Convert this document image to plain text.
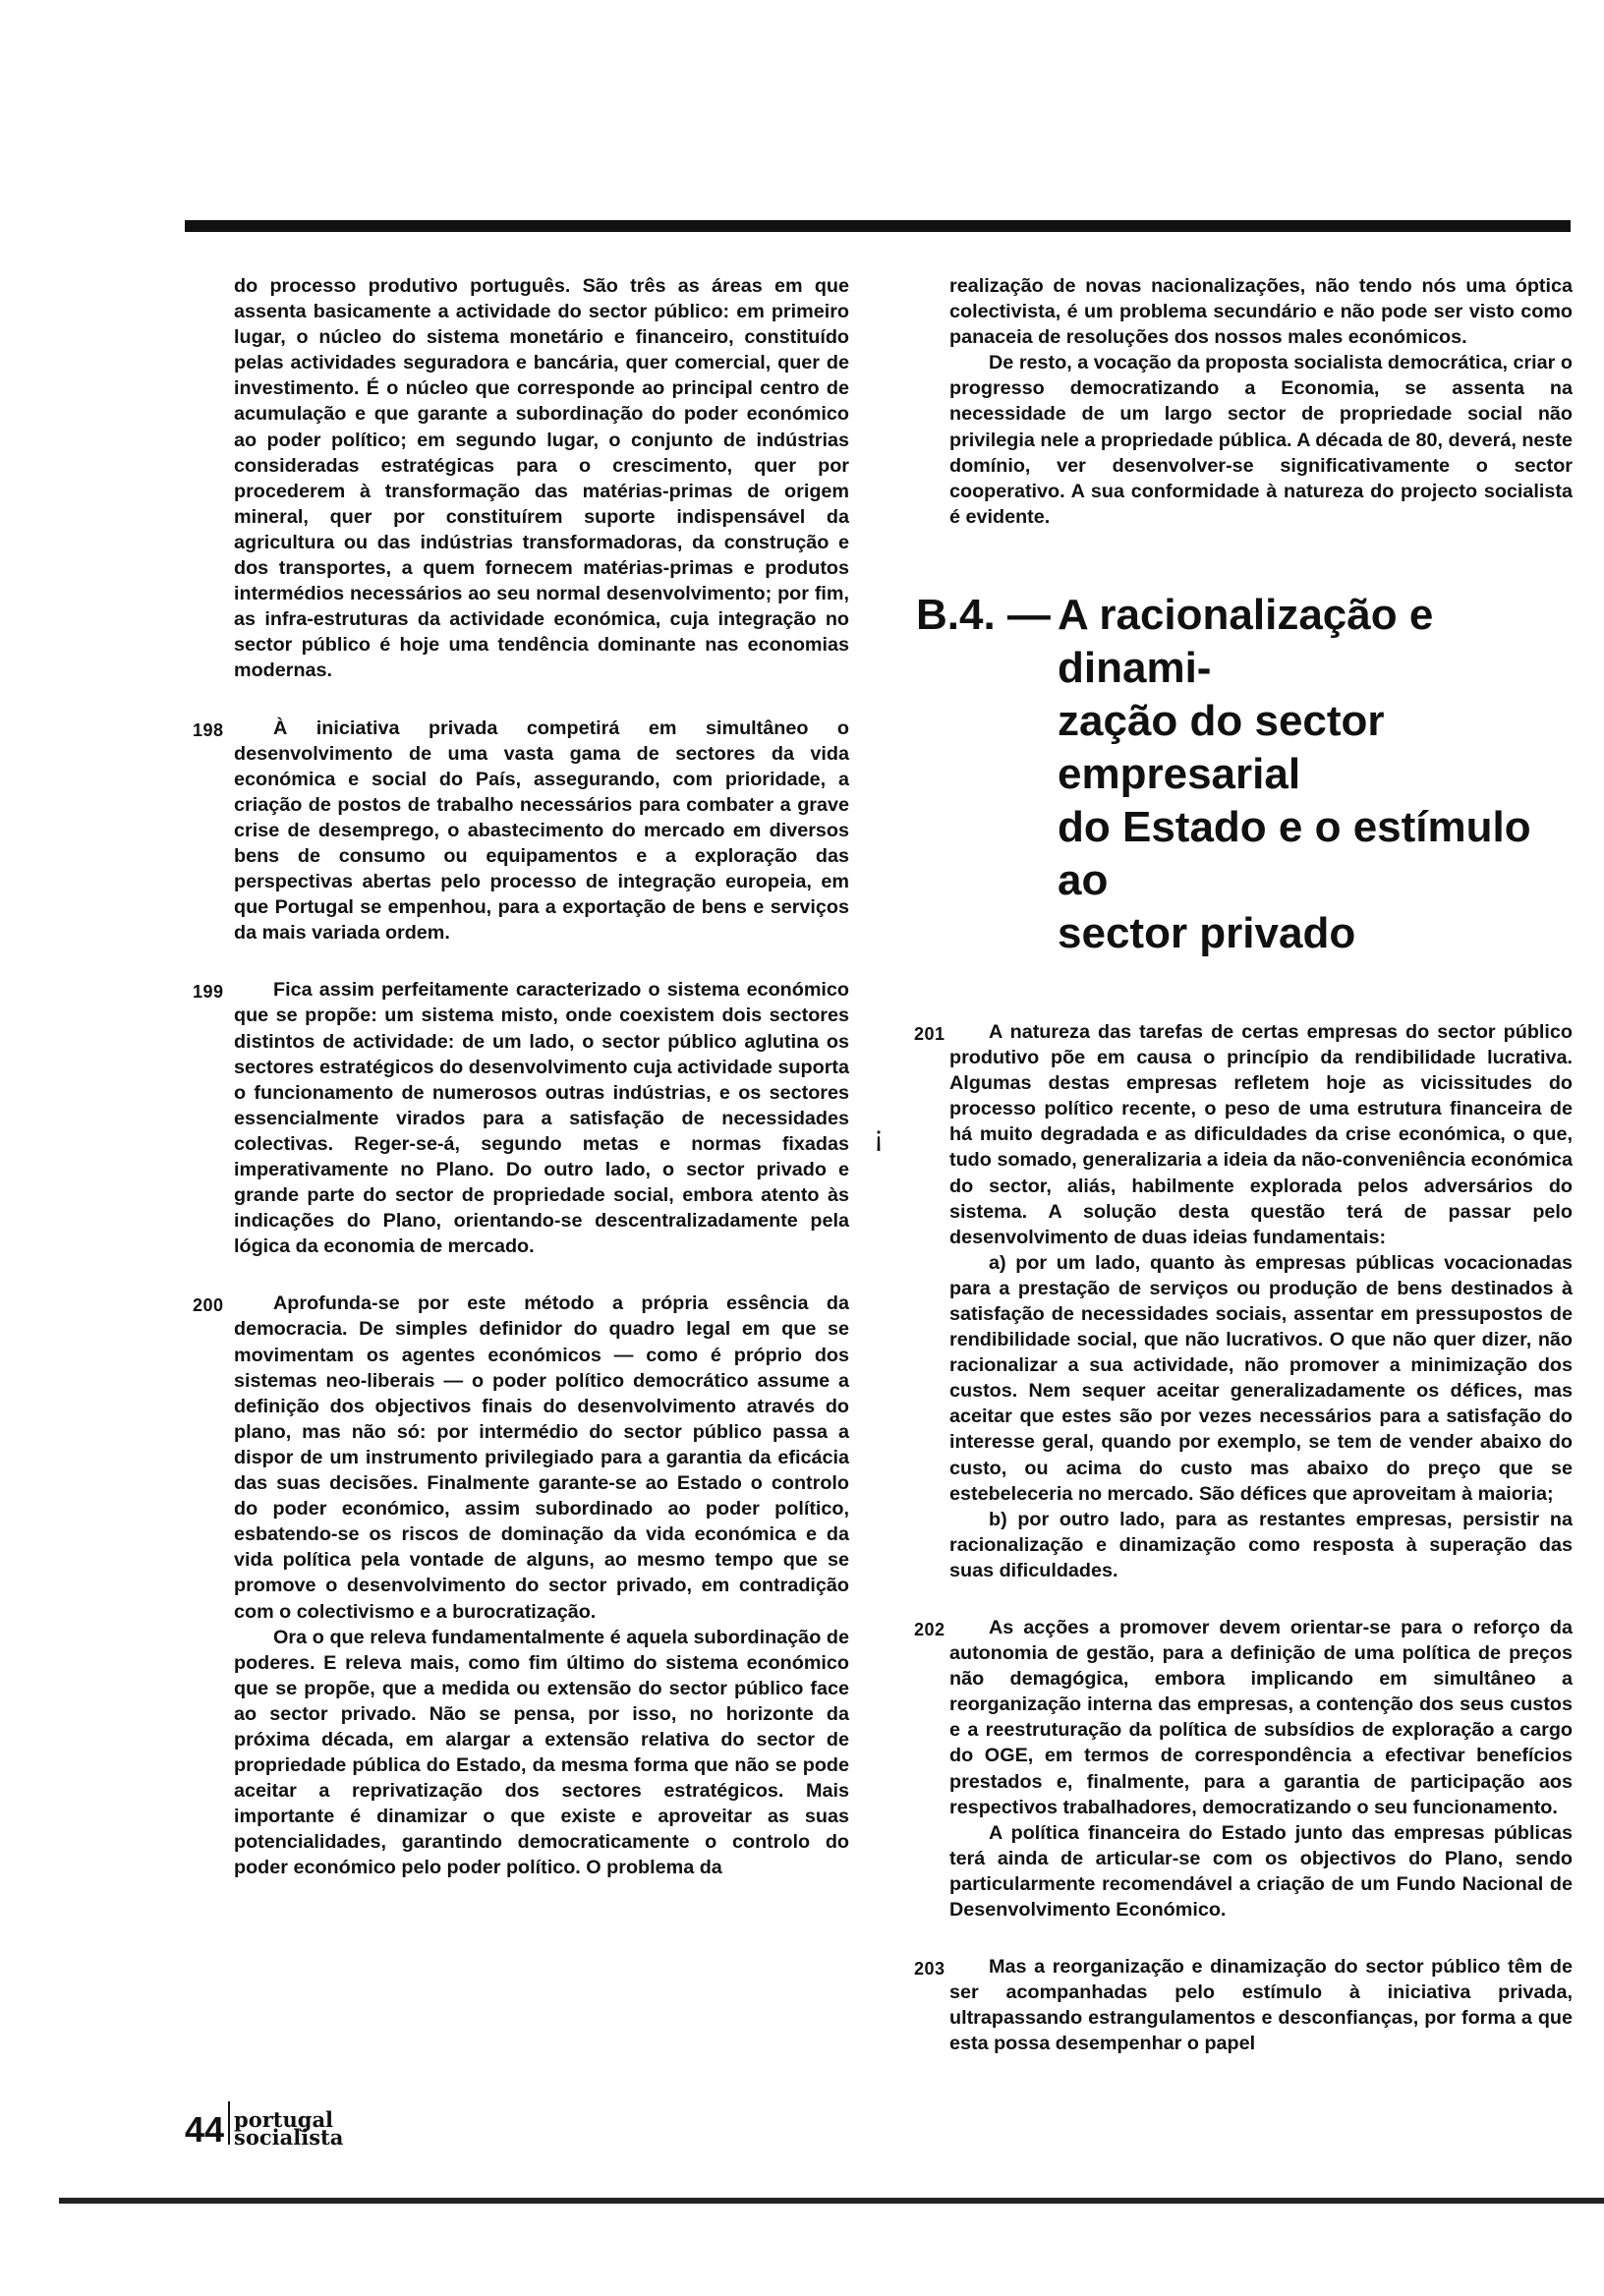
do processo produtivo português. São três as áreas em que assenta basicamente a actividade do sector público: em primeiro lugar, o núcleo do sistema monetário e financeiro, constituído pelas actividades seguradora e bancária, quer comercial, quer de investimento. É o núcleo que corresponde ao principal centro de acumulação e que garante a subordinação do poder económico ao poder político; em segundo lugar, o conjunto de indústrias consideradas estratégicas para o crescimento, quer por procederem à transformação das matérias-primas de origem mineral, quer por constituírem suporte indispensável da agricultura ou das indústrias transformadoras, da construção e dos transportes, a quem fornecem matérias-primas e produtos intermédios necessários ao seu normal desenvolvimento; por fim, as infra-estruturas da actividade económica, cuja integração no sector público é hoje uma tendência dominante nas economias modernas.

198	À iniciativa privada competirá em simultâneo o desenvolvimento de uma vasta gama de sectores da vida económica e social do País, assegurando, com prioridade, a criação de postos de trabalho necessários para combater a grave crise de desemprego, o abastecimento do mercado em diversos bens de consumo ou equipamentos e a exploração das perspectivas abertas pelo processo de integração europeia, em que Portugal se empenhou, para a exportação de bens e serviços da mais variada ordem.

199	Fica assim perfeitamente caracterizado o sistema económico que se propõe: um sistema misto, onde coexistem dois sectores distintos de actividade: de um lado, o sector público aglutina os sectores estratégicos do desenvolvimento cuja actividade suporta o funcionamento de numerosos outras indústrias, e os sectores essencialmente virados para a satisfação de necessidades colectivas. Reger-se-á, segundo metas e normas fixadas imperativamente no Plano. Do outro lado, o sector privado e grande parte do sector de propriedade social, embora atento às indicações do Plano, orientando-se descentralizadamente pela lógica da economia de mercado.

200	Aprofunda-se por este método a própria essência da democracia. De simples definidor do quadro legal em que se movimentam os agentes económicos — como é próprio dos sistemas neo-liberais — o poder político democrático assume a definição dos objectivos finais do desenvolvimento através do plano, mas não só: por intermédio do sector público passa a dispor de um instrumento privilegiado para a garantia da eficácia das suas decisões. Finalmente garante-se ao Estado o controlo do poder económico, assim subordinado ao poder político, esbatendo-se os riscos de dominação da vida económica e da vida política pela vontade de alguns, ao mesmo tempo que se promove o desenvolvimento do sector privado, em contradição com o colectivismo e a burocratização.

Ora o que releva fundamentalmente é aquela subordinação de poderes. E releva mais, como fim último do sistema económico que se propõe, que a medida ou extensão do sector público face ao sector privado. Não se pensa, por isso, no horizonte da próxima década, em alargar a extensão relativa do sector de propriedade pública do Estado, da mesma forma que não se pode aceitar a reprivatização dos sectores estratégicos. Mais importante é dinamizar o que existe e aproveitar as suas potencialidades, garantindo democraticamente o controlo do poder económico pelo poder político. O problema da

¡

realização de novas nacionalizações, não tendo nós uma óptica colectivista, é um problema secundário e não pode ser visto como panaceia de resoluções dos nossos males económicos.

De resto, a vocação da proposta socialista democrática, criar o progresso democratizando a Economia, se assenta na necessidade de um largo sector de propriedade social não privilegia nele a propriedade pública. A década de 80, deverá, neste domínio, ver desenvolver-se significativamente o sector cooperativo. A sua conformidade à natureza do projecto socialista é evidente.

B.4. — A racionalização e dinami-
zação do sector empresarial
do Estado e o estímulo ao
sector privado
201	A natureza das tarefas de certas empresas do sector público produtivo põe em causa o princípio da rendibilidade lucrativa. Algumas destas empresas refletem hoje as vicissitudes do processo político recente, o peso de uma estrutura financeira de há muito degradada e as dificuldades da crise económica, o que, tudo somado, generalizaria a ideia da não-conveniência económica do sector, aliás, habilmente explorada pelos adversários do sistema. A solução desta questão terá de passar pelo desenvolvimento de duas ideias fundamentais:

a) por um lado, quanto às empresas públicas vocacionadas para a prestação de serviços ou produção de bens destinados à satisfação de necessidades sociais, assentar em pressupostos de rendibilidade social, que não lucrativos. O que não quer dizer, não racionalizar a sua actividade, não promover a minimização dos custos. Nem sequer aceitar generalizadamente os défices, mas aceitar que estes são por vezes necessários para a satisfação do interesse geral, quando por exemplo, se tem de vender abaixo do custo, ou acima do custo mas abaixo do preço que se estebeleceria no mercado. São défices que aproveitam à maioria;

b) por outro lado, para as restantes empresas, persistir na racionalização e dinamização como resposta à superação das suas dificuldades.

202	As acções a promover devem orientar-se para o reforço da autonomia de gestão, para a definição de uma política de preços não demagógica, embora implicando em simultâneo a reorganização interna das empresas, a contenção dos seus custos e a reestruturação da política de subsídios de exploração a cargo do OGE, em termos de correspondência a efectivar benefícios prestados e, finalmente, para a garantia de participação aos respectivos trabalhadores, democratizando o seu funcionamento.

A política financeira do Estado junto das empresas públicas terá ainda de articular-se com os objectivos do Plano, sendo particularmente recomendável a criação de um Fundo Nacional de Desenvolvimento Económico.

203	Mas a reorganização e dinamização do sector público têm de ser acompanhadas pelo estímulo à iniciativa privada, ultrapassando estrangulamentos e desconfianças, por forma a que esta possa desempenhar o papel

44 portugal
socialista
